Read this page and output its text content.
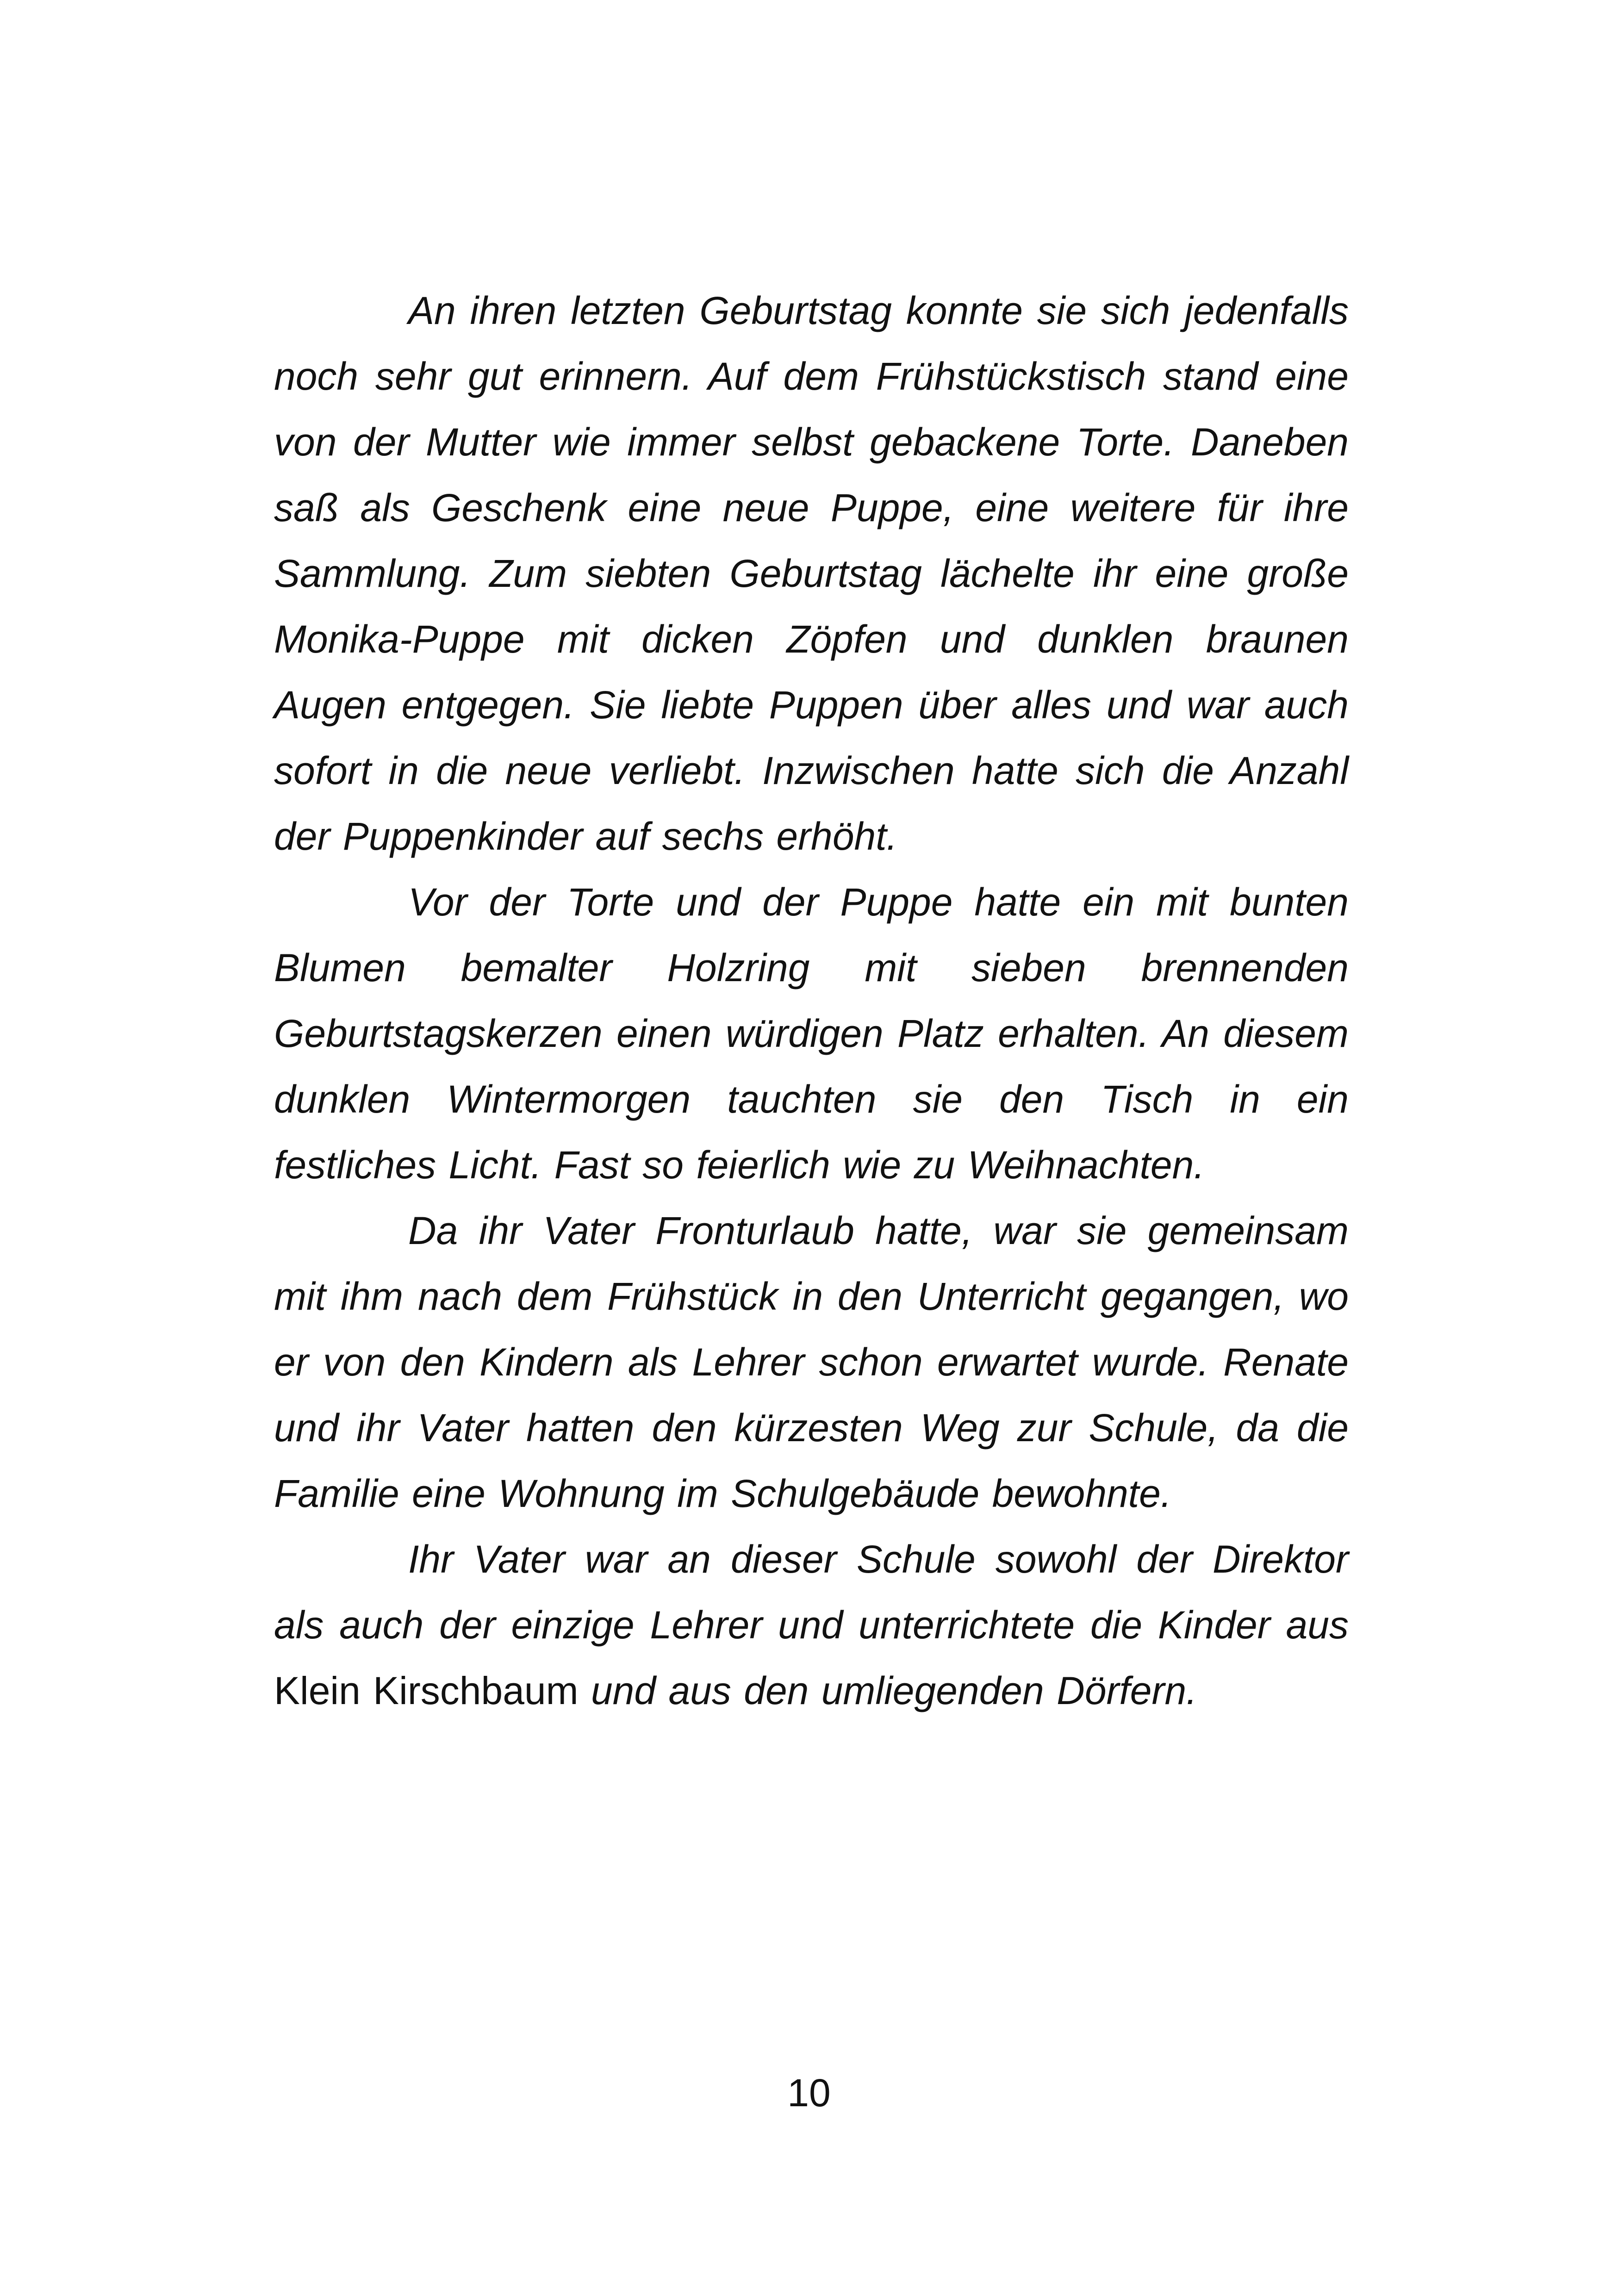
An ihren letzten Geburtstag konnte sie sich jedenfalls noch sehr gut erinnern. Auf dem Frühstückstisch stand eine von der Mutter wie immer selbst gebackene Torte. Daneben saß als Geschenk eine neue Puppe, eine weitere für ihre Sammlung. Zum siebten Geburtstag lächelte ihr eine große Monika-Puppe mit dicken Zöpfen und dunklen braunen Augen entgegen. Sie liebte Puppen über alles und war auch sofort in die neue verliebt. Inzwischen hatte sich die Anzahl der Puppenkinder auf sechs erhöht.

Vor der Torte und der Puppe hatte ein mit bunten Blumen bemalter Holzring mit sieben brennenden Geburtstagskerzen einen würdigen Platz erhalten. An diesem dunklen Wintermorgen tauchten sie den Tisch in ein festliches Licht. Fast so feierlich wie zu Weihnachten.

Da ihr Vater Fronturlaub hatte, war sie gemeinsam mit ihm nach dem Frühstück in den Unterricht gegangen, wo er von den Kindern als Lehrer schon erwartet wurde. Renate und ihr Vater hatten den kürzesten Weg zur Schule, da die Familie eine Wohnung im Schulgebäude bewohnte.

Ihr Vater war an dieser Schule sowohl der Direktor als auch der einzige Lehrer und unterrichtete die Kinder aus Klein Kirschbaum und aus den umliegenden Dörfern.

10
